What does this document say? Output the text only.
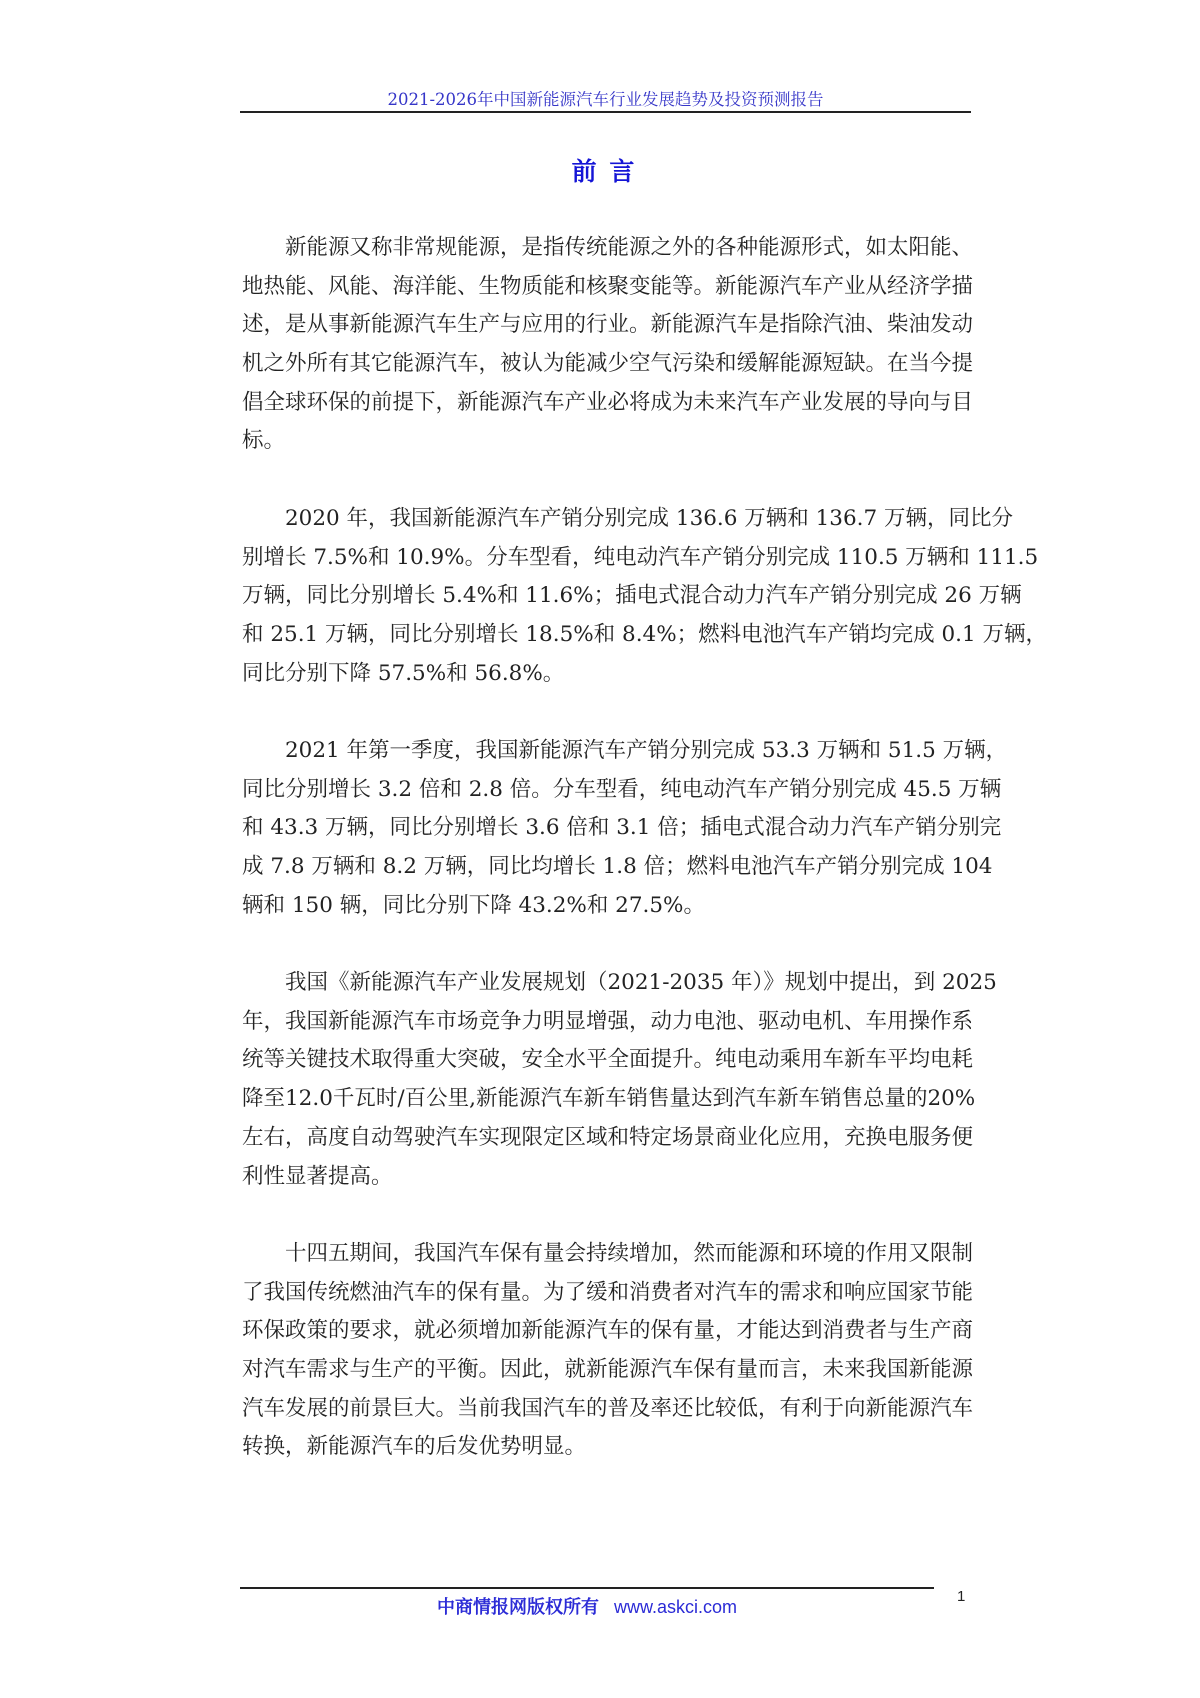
2021-2026年中国新能源汽车行业发展趋势及投资预测报告
前 言
新能源又称非常规能源，是指传统能源之外的各种能源形式，如太阳能、
地热能、风能、海洋能、生物质能和核聚变能等。新能源汽车产业从经济学描
述，是从事新能源汽车生产与应用的行业。新能源汽车是指除汽油、柴油发动
机之外所有其它能源汽车，被认为能减少空气污染和缓解能源短缺。在当今提
倡全球环保的前提下，新能源汽车产业必将成为未来汽车产业发展的导向与目
标。
2020 年，我国新能源汽车产销分别完成 136.6 万辆和 136.7 万辆，同比分
别增长 7.5%和 10.9%。分车型看，纯电动汽车产销分别完成 110.5 万辆和 111.5
万辆，同比分别增长 5.4%和 11.6%；插电式混合动力汽车产销分别完成 26 万辆
和 25.1 万辆，同比分别增长 18.5%和 8.4%；燃料电池汽车产销均完成 0.1 万辆，
同比分别下降 57.5%和 56.8%。
2021 年第一季度，我国新能源汽车产销分别完成 53.3 万辆和 51.5 万辆，
同比分别增长 3.2 倍和 2.8 倍。分车型看，纯电动汽车产销分别完成 45.5 万辆
和 43.3 万辆，同比分别增长 3.6 倍和 3.1 倍；插电式混合动力汽车产销分别完
成 7.8 万辆和 8.2 万辆，同比均增长 1.8 倍；燃料电池汽车产销分别完成 104
辆和 150 辆，同比分别下降 43.2%和 27.5%。
我国《新能源汽车产业发展规划（2021-2035 年）》规划中提出，到 2025
年，我国新能源汽车市场竞争力明显增强，动力电池、驱动电机、车用操作系
统等关键技术取得重大突破，安全水平全面提升。纯电动乘用车新车平均电耗
降至12.0千瓦时/百公里,新能源汽车新车销售量达到汽车新车销售总量的20%
左右，高度自动驾驶汽车实现限定区域和特定场景商业化应用，充换电服务便
利性显著提高。
十四五期间，我国汽车保有量会持续增加，然而能源和环境的作用又限制
了我国传统燃油汽车的保有量。为了缓和消费者对汽车的需求和响应国家节能
环保政策的要求，就必须增加新能源汽车的保有量，才能达到消费者与生产商
对汽车需求与生产的平衡。因此，就新能源汽车保有量而言，未来我国新能源
汽车发展的前景巨大。当前我国汽车的普及率还比较低，有利于向新能源汽车
转换，新能源汽车的后发优势明显。
中商情报网版权所有 www.askci.com
1
